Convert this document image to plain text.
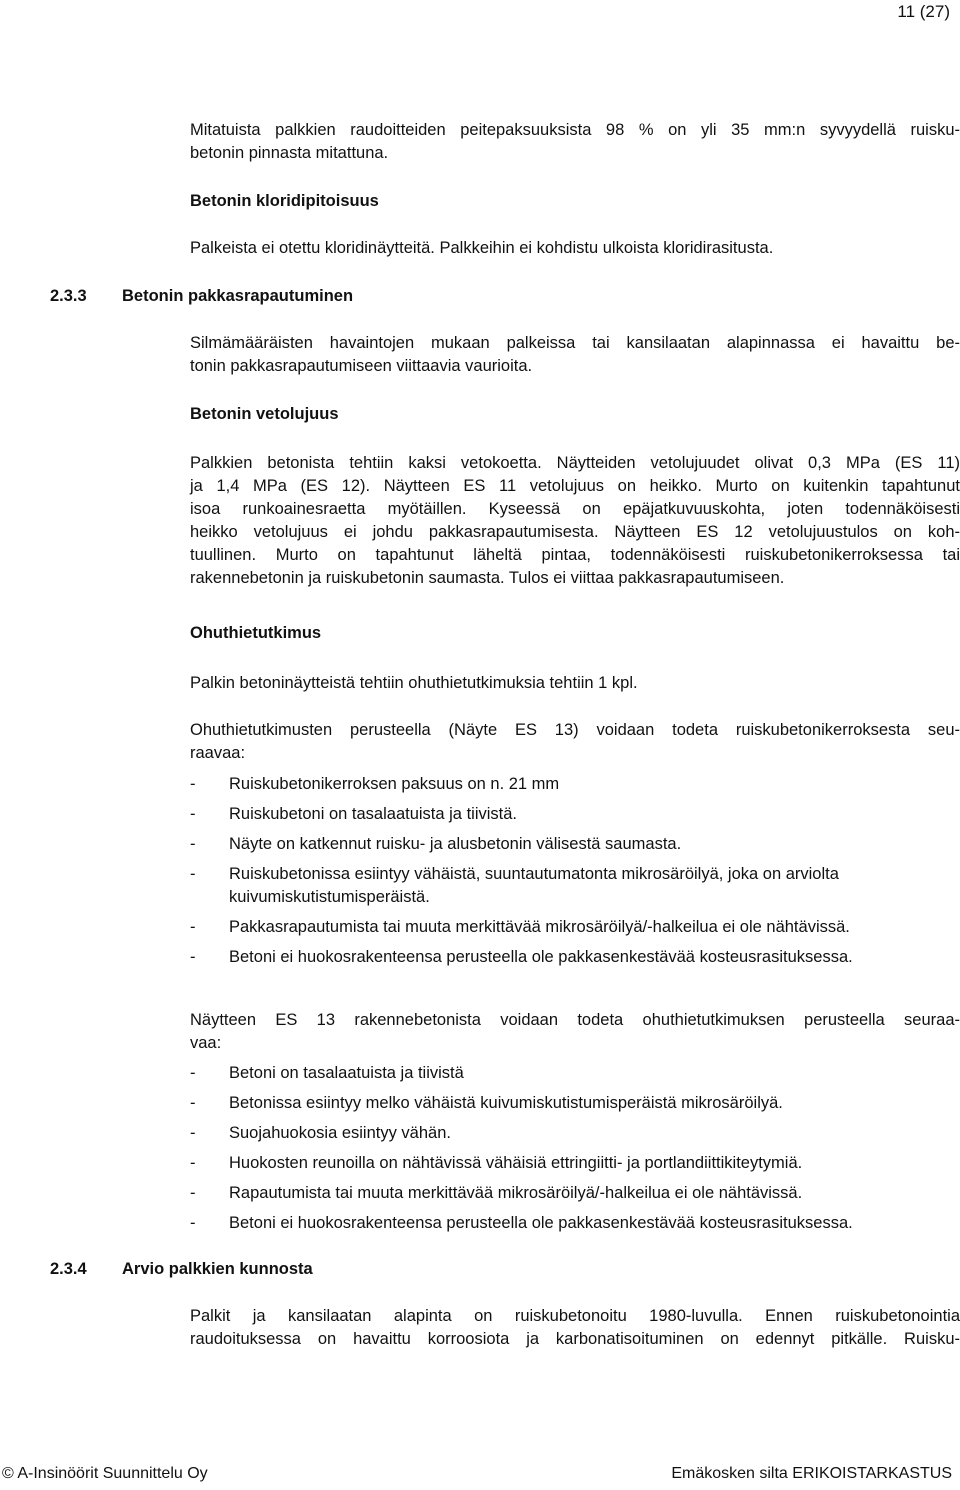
11 (27)
Mitatuista palkkien raudoitteiden peitepaksuuksista 98 % on yli 35 mm:n syvyydellä ruisku-
betonin pinnasta mitattuna.
Betonin kloridipitoisuus
Palkeista ei otettu kloridinäytteitä. Palkkeihin ei kohdistu ulkoista kloridirasitusta.
2.3.3 Betonin pakkasrapautuminen
Silmämääräisten havaintojen mukaan palkeissa tai kansilaatan alapinnassa ei havaittu be-
tonin pakkasrapautumiseen viittaavia vaurioita.
Betonin vetolujuus
Palkkien betonista tehtiin kaksi vetokoetta. Näytteiden vetolujuudet olivat 0,3 MPa (ES 11)
ja 1,4 MPa (ES 12). Näytteen ES 11 vetolujuus on heikko. Murto on kuitenkin tapahtunut
isoa runkoainesraetta myötäillen. Kyseessä on epäjatkuvuuskohta, joten todennäköisesti
heikko vetolujuus ei johdu pakkasrapautumisesta. Näytteen ES 12 vetolujuustulos on koh-
tuullinen. Murto on tapahtunut läheltä pintaa, todennäköisesti ruiskubetonikerroksessa tai
rakennebetonin ja ruiskubetonin saumasta. Tulos ei viittaa pakkasrapautumiseen.
Ohuthietutkimus
Palkin betoninäytteistä tehtiin ohuthietutkimuksia tehtiin 1 kpl.
Ohuthietutkimusten perusteella (Näyte ES 13) voidaan todeta ruiskubetonikerroksesta seu-
raavaa:
- Ruiskubetonikerroksen paksuus on n. 21 mm
- Ruiskubetoni on tasalaatuista ja tiivistä.
- Näyte on katkennut ruisku- ja alusbetonin välisestä saumasta.
- Ruiskubetonissa esiintyy vähäistä, suuntautumatonta mikrosäröilyä, joka on arviolta
kuivumiskutistumisperäistä.
- Pakkasrapautumista tai muuta merkittävää mikrosäröilyä/-halkeilua ei ole nähtävissä.
- Betoni ei huokosrakenteensa perusteella ole pakkasenkestävää kosteusrasituksessa.
Näytteen ES 13 rakennebetonista voidaan todeta ohuthietutkimuksen perusteella seuraa-
vaa:
- Betoni on tasalaatuista ja tiivistä
- Betonissa esiintyy melko vähäistä kuivumiskutistumisperäistä mikrosäröilyä.
- Suojahuokosia esiintyy vähän.
- Huokosten reunoilla on nähtävissä vähäisiä ettringiitti- ja portlandiittikiteytymiä.
- Rapautumista tai muuta merkittävää mikrosäröilyä/-halkeilua ei ole nähtävissä.
- Betoni ei huokosrakenteensa perusteella ole pakkasenkestävää kosteusrasituksessa.
2.3.4 Arvio palkkien kunnosta
Palkit ja kansilaatan alapinta on ruiskubetonoitu 1980-luvulla. Ennen ruiskubetonointia
raudoituksessa on havaittu korroosiota ja karbonatisoituminen on edennyt pitkälle. Ruisku-
© A-Insinöörit Suunnittelu Oy	Emäkosken silta ERIKOISTARKASTUS
